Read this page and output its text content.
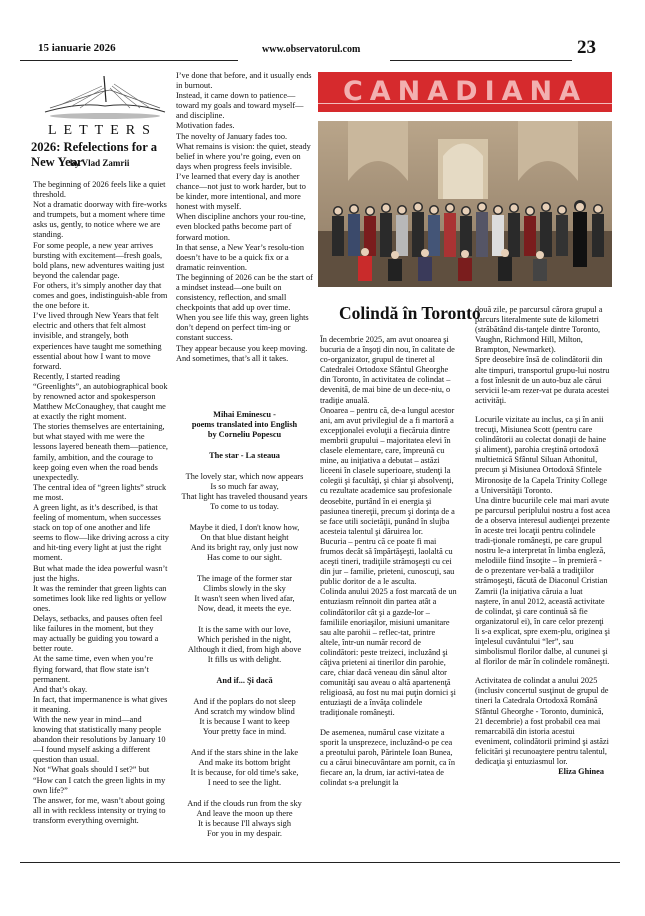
15 ianuarie 2026	www.observatorul.com	23
LETTERS
2026: Refelections for a New Year
by Vlad Zamrii

The beginning of 2026 feels like a quiet threshold.

Not a dramatic doorway with fire-works and trumpets, but a moment where time asks us, gently, to notice where we are standing.

For some people, a new year arrives bursting with excitement—fresh goals, bold plans, new adventures waiting just beyond the calendar page.

For others, it’s simply another day that comes and goes, indistinguish-able from the one before it.

I’ve lived through New Years that felt electric and others that felt almost invisible, and strangely, both experiences have taught me something essential about how I want to move forward.

Recently, I started reading “Greenlights”, an autobiographical book by renowned actor and spokesperson Matthew McConaughey, that caught me at exactly the right moment.

The stories themselves are entertaining, but what stayed with me were the lessons layered beneath them—patience, family, ambition, and the courage to keep going even when the road bends unexpectedly.

The central idea of “green lights” struck me most.

A green light, as it’s described, is that feeling of momentum, when successes stack on top of one another and life seems to flow—like driving across a city and hit-ting every light at just the right moment.

But what made the idea powerful wasn’t just the highs.

It was the reminder that green lights can sometimes look like red lights or yellow ones.

Delays, setbacks, and pauses often feel like failures in the moment, but they may actually be guiding you toward a better route.

At the same time, even when you’re flying forward, that flow state isn’t permanent.

And that’s okay.

In fact, that impermanence is what gives it meaning.

With the new year in mind—and knowing that statistically many people abandon their resolutions by January 10—I found myself asking a different question than usual.

Not “What goals should I set?” but “How can I catch the green lights in my own life?”

The answer, for me, wasn’t about going all in with reckless intensity or trying to transform everything overnight.

I’ve done that before, and it usually ends in burnout.

Instead, it came down to patience—toward my goals and toward myself—and discipline.

Motivation fades.

The novelty of January fades too.

What remains is vision: the quiet, steady belief in where you’re going, even on days when progress feels invisible.

I’ve learned that every day is another chance—not just to work harder, but to be kinder, more intentional, and more honest with myself.

When discipline anchors your rou-tine, even blocked paths become part of forward motion.

In that sense, a New Year’s resolu-tion doesn’t have to be a quick fix or a dramatic reinvention.

The beginning of 2026 can be the start of a mindset instead—one built on consistency, reflection, and small checkpoints that add up over time.

When you see life this way, green lights don’t depend on perfect tim-ing or constant success.

They appear because you keep moving. And sometimes, that’s all it takes.

Mihai Eminescu -

poems translated into English

by Corneliu Popescu

The star - La steaua

The lovely star, which now appears

Is so much far away,

That light has traveled thousand years

To come to us today.

Maybe it died, I don't know how,

On that blue distant height

And its bright ray, only just now

Has come to our sight.

The image of the former star

Climbs slowly in the sky

It wasn't seen when lived afar,

Now, dead, it meets the eye.

It is the same with our love,

Which perished in the night,

Although it died, from high above

It fills us with delight.

And if... Şi dacă

And if the poplars do not sleep

And scratch my window blind

It is because I want to keep

Your pretty face in mind.

And if the stars shine in the lake

And make its bottom bright

It is because, for old time's sake,

I need to see the light.

And if the clouds run from the sky

And leave the moon up there

It is because I'll always sigh

For you in my despair.

CANADIANA
Colindă în Toronto

În decembrie 2025, am avut onoarea şi bucuria de a înşoţi din nou, în calitate de co-organizator, grupul de tineret al Catedralei Ortodoxe Sfântul Gheorghe din Toronto, în activitatea de colindat – devenită, de mai bine de un dece-niu, o tradiţie anuală.

Onoarea – pentru că, de-a lungul acestor ani, am avut privilegiul de a fi martoră a excepţionalei evoluţii a fiecăruia dintre membrii grupului – majoritatea elevi în clasele elementare, care, împreună cu mine, au iniţiativa a debutat – astăzi liceeni în clasele superioare, studenţi la colegii şi facultăţi, şi chiar şi absolvenţi, cu rezultate academice sau profesionale deosebite, purtând în ei energia şi pasiunea tinereţii, precum şi dorinţa de a se face utili societăţii, punând în slujba acesteia talentul şi dăruirea lor.

Bucuria – pentru că ce poate fi mai frumos decât să împărtăşeşti, laolaltă cu aceşti tineri, tradiţiile strămoşeşti cu cei din jur – familie, prieteni, cunoscuţi, sau public doritor de a le asculta.

Colinda anului 2025 a fost marcată de un entuziasm reînnoit din partea atât a colindătorilor cât şi a gazde-lor – familiile enoriaşilor, misiuni umanitare sau alte parohii – reflec-tat, printre altele, într-un număr record de colindători: peste treizeci, incluzând şi câţiva prieteni ai tinerilor din parohie, care, chiar dacă veneau din sânul altor comunităţi sau aveau o altă apartenenţă religioasă, au fost nu mai puţin dornici şi entuziaşti de a învăţa colindele tradiţionale româneşti.

De asemenea, numărul case vizitate a sporit la unsprezece, incluzând-o pe cea a preotului paroh, Părintele Ioan Bunea, cu a cărui binecuvântare am pornit, ca în fiecare an, la drum, iar activi-tatea de colindat s-a prelungit la

două zile, pe parcursul cărora grupul a parcurs literalmente sute de kilometri (străbătând dis-tanţele dintre Toronto, Vaughn, Richmond Hill, Milton, Brampton, Newmarket).

Spre deosebire însă de colindătorii din alte timpuri, transportul grupu-lui nostru a fost înlesnit de un auto-buz ale cărui servicii le-am rezer-vat pe durata acestei activităţi.

Locurile vizitate au inclus, ca şi în anii trecuţi, Misiunea Scott (pentru care colindătorii au colectat donaţii de haine şi aliment), parohia creştină ortodoxă multietnică Sfântul Siluan Athonitul, precum şi Misiunea Ortodoxă Sfintele Mironosiţe de la Capela Trinity College a Universităţii Toronto.

Una dintre bucuriile cele mai mari avute pe parcursul periplului nostru a fost acea de a observa interesul audienţei prezente în aceste trei locaţii pentru colindele tradi-ţionale româneşti, pe care grupul nostru le-a interpretat în limba engleză, melodiile fiind însoţite – în premieră - de o prezentare ver-bală a tradiţiilor strămoşeşti, făcută de Diaconul Cristian Zamrii (la iniţiativa căruia a luat naştere, în anul 2012, această activitate de colindat, şi care continuă să fie organizatorul ei), în care celor prezenţi li s-a explicat, spre exem-plu, originea şi înţelesul cuvântului “ler”, sau simbolismul florilor dalbe, al cununei şi al florilor de măr în colindele româneşti.

Activitatea de colindat a anului 2025 (inclusiv concertul susţinut de grupul de tineri la Catedrala Ortodoxă Română Sfântul Gheorghe - Toronto, duminică, 21 decembrie) a fost probabil cea mai remarcabilă din istoria acestui eveniment, colindătorii primind şi astăzi felicitări şi recunoaştere pentru talentul, dedicaţia şi entuziasmul lor.

Eliza Ghinea
